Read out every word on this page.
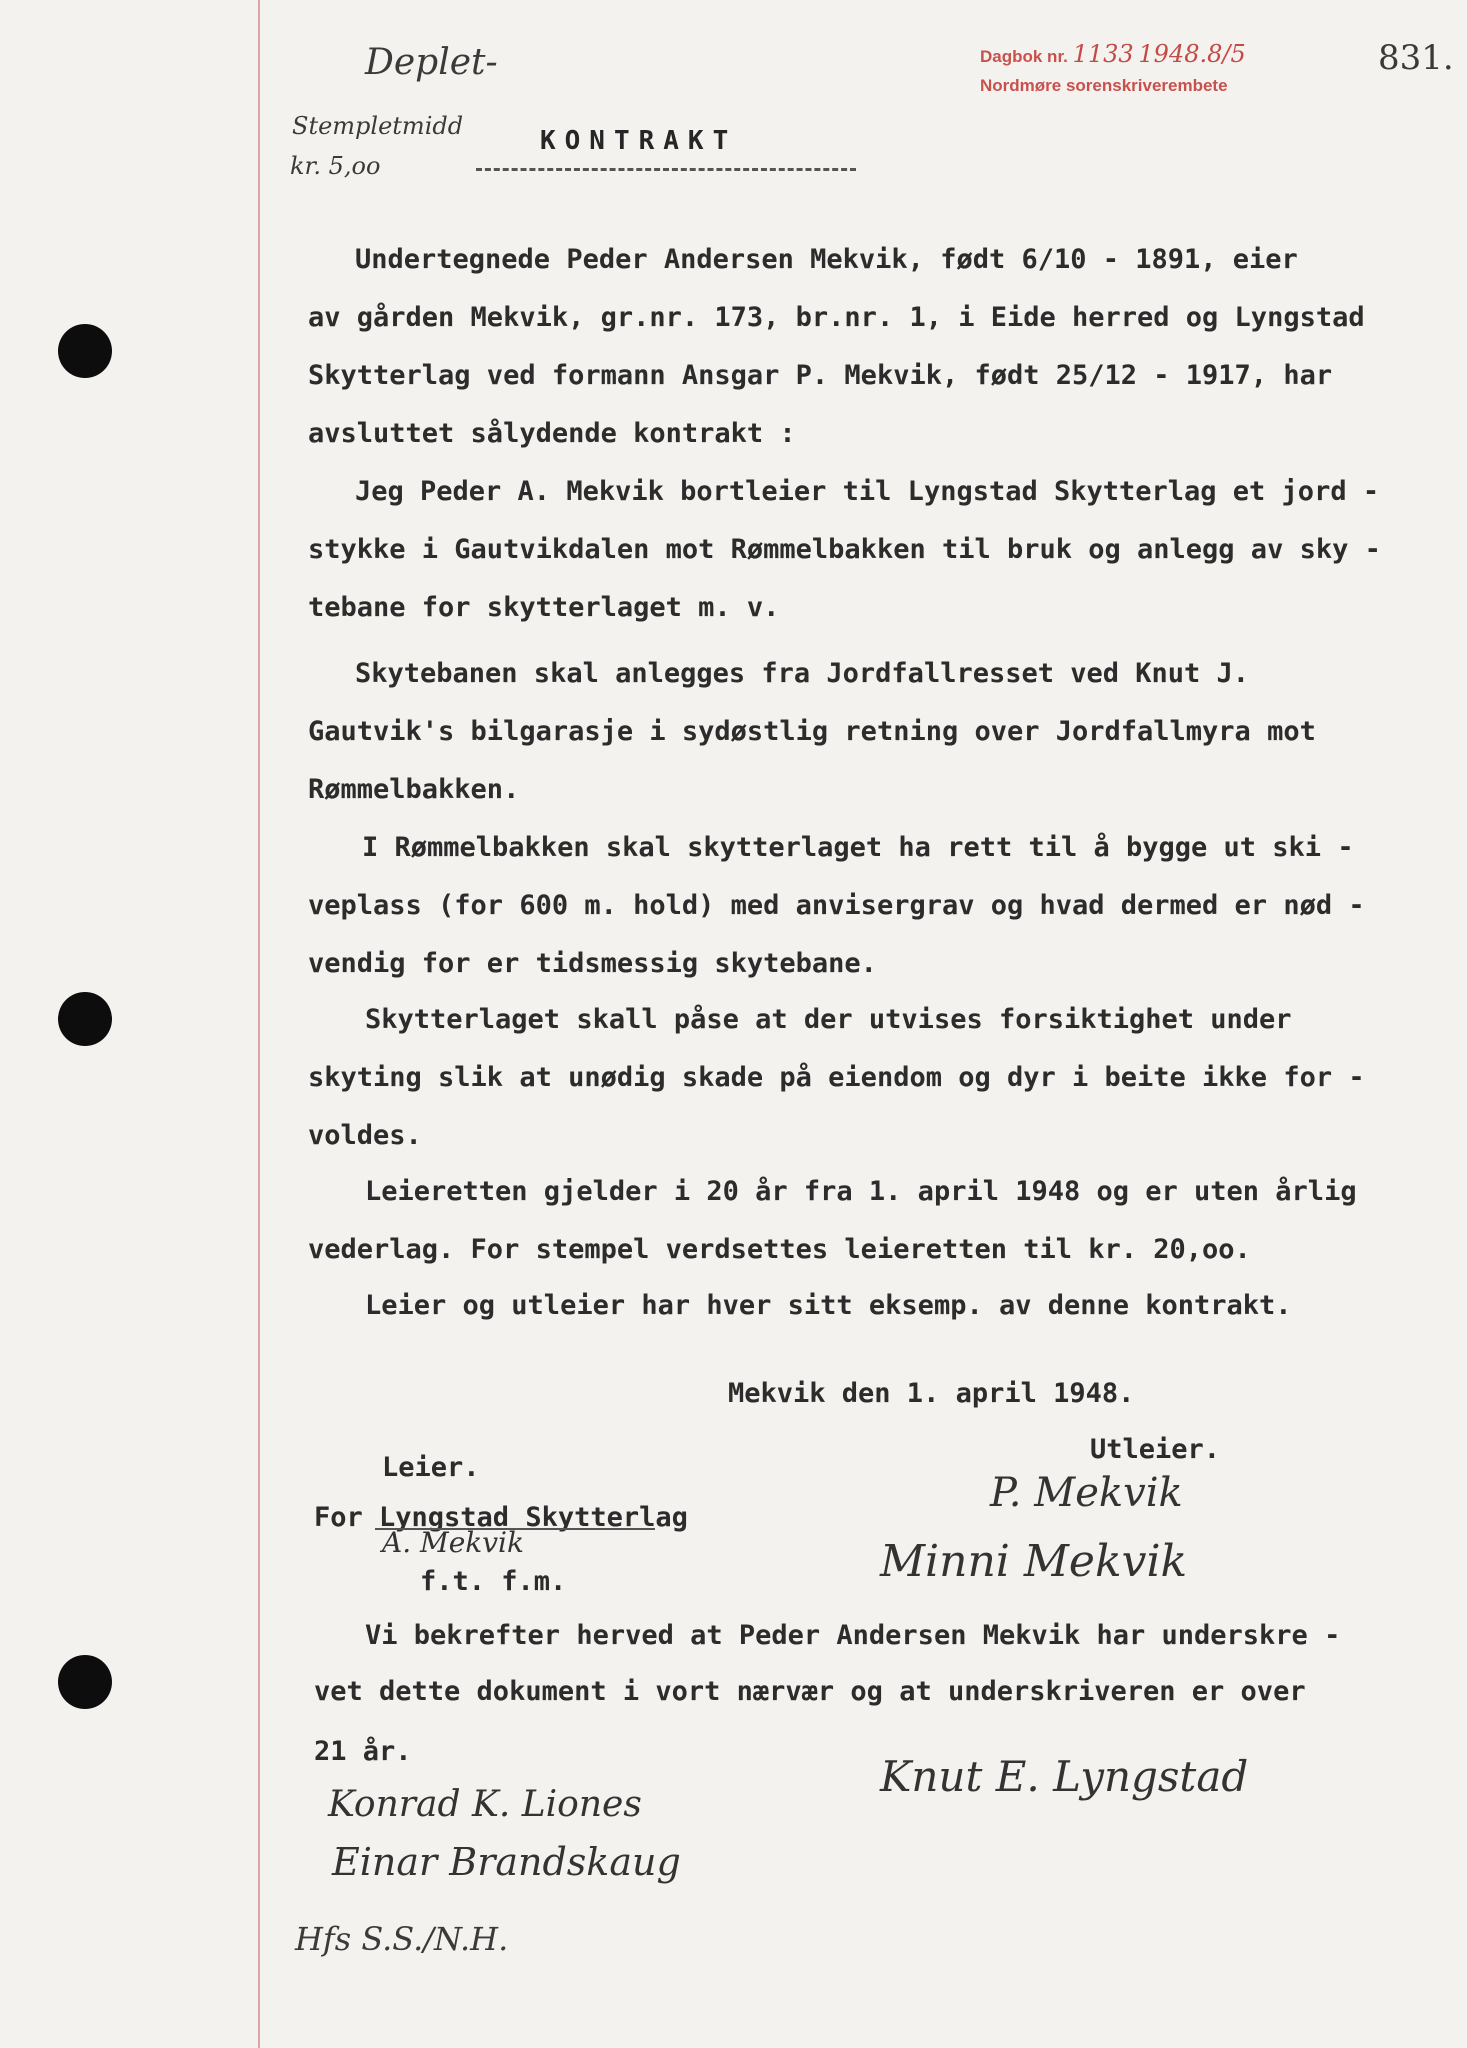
Deplet-
Stempletmidd
kr. 5,oo
Hfs S.S./N.H.
Dagbok nr. 1133 1948.8/5
Nordmøre sorenskriverembete
831.
KONTRAKT
Undertegnede Peder Andersen Mekvik, født 6/10 - 1891, eier
av gården Mekvik, gr.nr. 173, br.nr. 1, i Eide herred og Lyngstad
Skytterlag ved formann Ansgar P. Mekvik, født 25/12 - 1917, har
avsluttet sålydende kontrakt :
Jeg Peder A. Mekvik bortleier til Lyngstad Skytterlag et jord -
stykke i Gautvikdalen mot Rømmelbakken til bruk og anlegg av sky -
tebane for skytterlaget m. v.
Skytebanen skal anlegges fra Jordfallresset ved Knut J.
Gautvik's bilgarasje i sydøstlig retning over Jordfallmyra mot
Rømmelbakken.
I Rømmelbakken skal skytterlaget ha rett til å bygge ut ski -
veplass (for 600 m. hold) med anvisergrav og hvad dermed er nød -
vendig for er tidsmessig skytebane.
Skytterlaget skall påse at der utvises forsiktighet under
skyting slik at unødig skade på eiendom og dyr i beite ikke for -
voldes.
Leieretten gjelder i 20 år fra 1. april 1948 og er uten årlig
vederlag. For stempel verdsettes leieretten til kr. 20,oo.
Leier og utleier har hver sitt eksemp. av denne kontrakt.
Mekvik den 1. april 1948.
Leier.
Utleier.
For Lyngstad Skytterlag
A. Mekvik
f.t. f.m.
P. Mekvik
Minni Mekvik
Vi bekrefter herved at Peder Andersen Mekvik har underskre -
vet dette dokument i vort nærvær og at underskriveren er over
21 år.
Konrad K. Liones
Einar Brandskaug
Knut E. Lyngstad
